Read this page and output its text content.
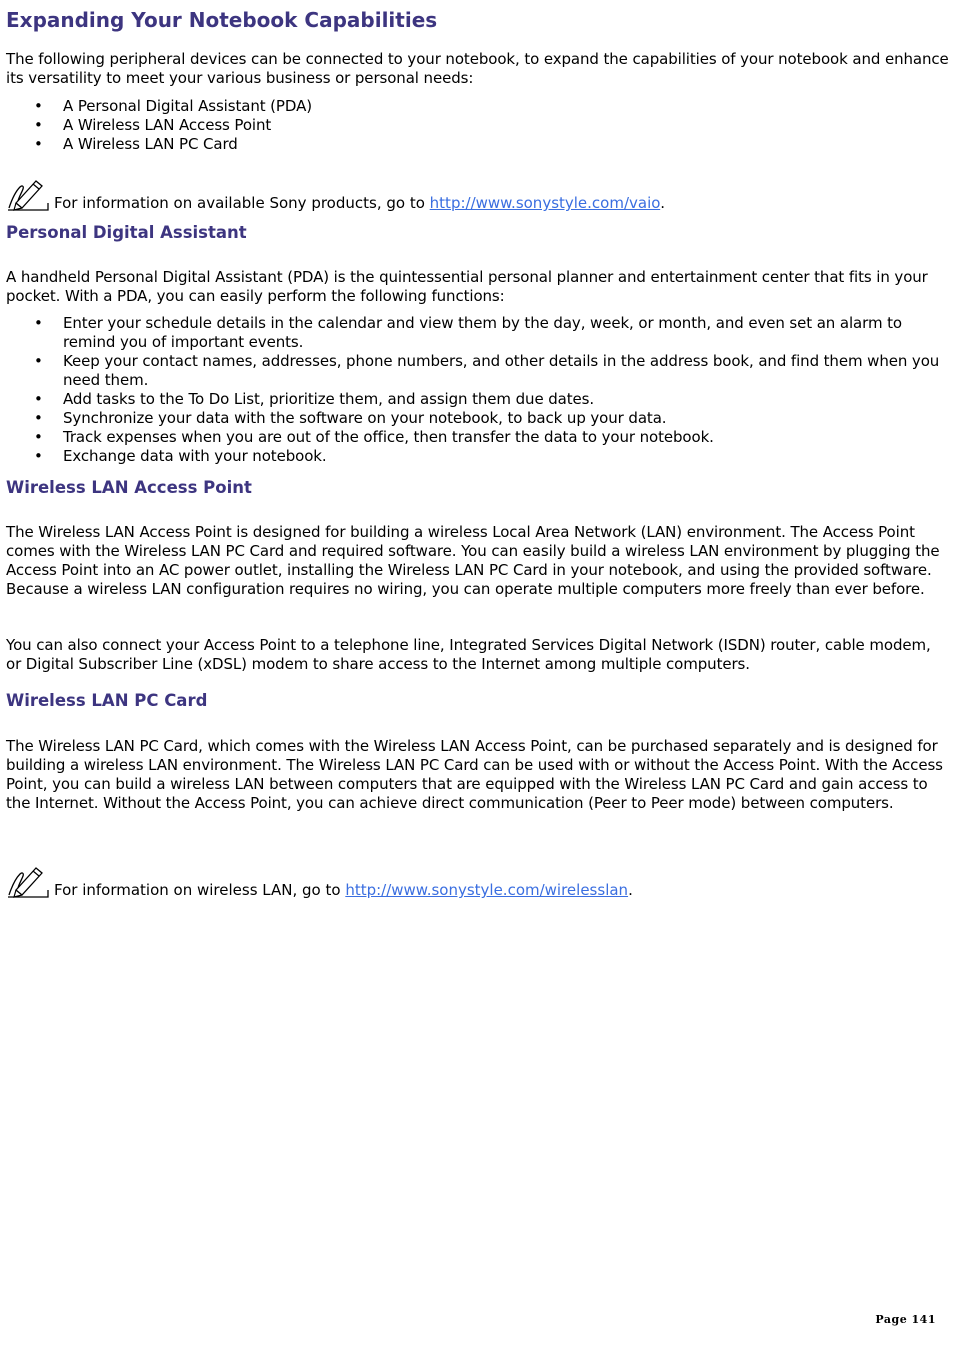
Expanding Your Notebook Capabilities

The following peripheral devices can be connected to your notebook, to expand the capabilities of your notebook and enhance its versatility to meet your various business or personal needs:

• A Personal Digital Assistant (PDA)
• A Wireless LAN Access Point
• A Wireless LAN PC Card
For information on available Sony products, go to http://www.sonystyle.com/vaio.
Personal Digital Assistant

A handheld Personal Digital Assistant (PDA) is the quintessential personal planner and entertainment center that fits in your pocket. With a PDA, you can easily perform the following functions:

• Enter your schedule details in the calendar and view them by the day, week, or month, and even set an alarm to remind you of important events.
• Keep your contact names, addresses, phone numbers, and other details in the address book, and find them when you need them.
• Add tasks to the To Do List, prioritize them, and assign them due dates.
• Synchronize your data with the software on your notebook, to back up your data.
• Track expenses when you are out of the office, then transfer the data to your notebook.
• Exchange data with your notebook.
Wireless LAN Access Point

The Wireless LAN Access Point is designed for building a wireless Local Area Network (LAN) environment. The Access Point comes with the Wireless LAN PC Card and required software. You can easily build a wireless LAN environment by plugging the Access Point into an AC power outlet, installing the Wireless LAN PC Card in your notebook, and using the provided software. Because a wireless LAN configuration requires no wiring, you can operate multiple computers more freely than ever before.

You can also connect your Access Point to a telephone line, Integrated Services Digital Network (ISDN) router, cable modem, or Digital Subscriber Line (xDSL) modem to share access to the Internet among multiple computers.

Wireless LAN PC Card

The Wireless LAN PC Card, which comes with the Wireless LAN Access Point, can be purchased separately and is designed for building a wireless LAN environment. The Wireless LAN PC Card can be used with or without the Access Point. With the Access Point, you can build a wireless LAN between computers that are equipped with the Wireless LAN PC Card and gain access to the Internet. Without the Access Point, you can achieve direct communication (Peer to Peer mode) between computers.

For information on wireless LAN, go to http://www.sonystyle.com/wirelesslan.
Page 141
